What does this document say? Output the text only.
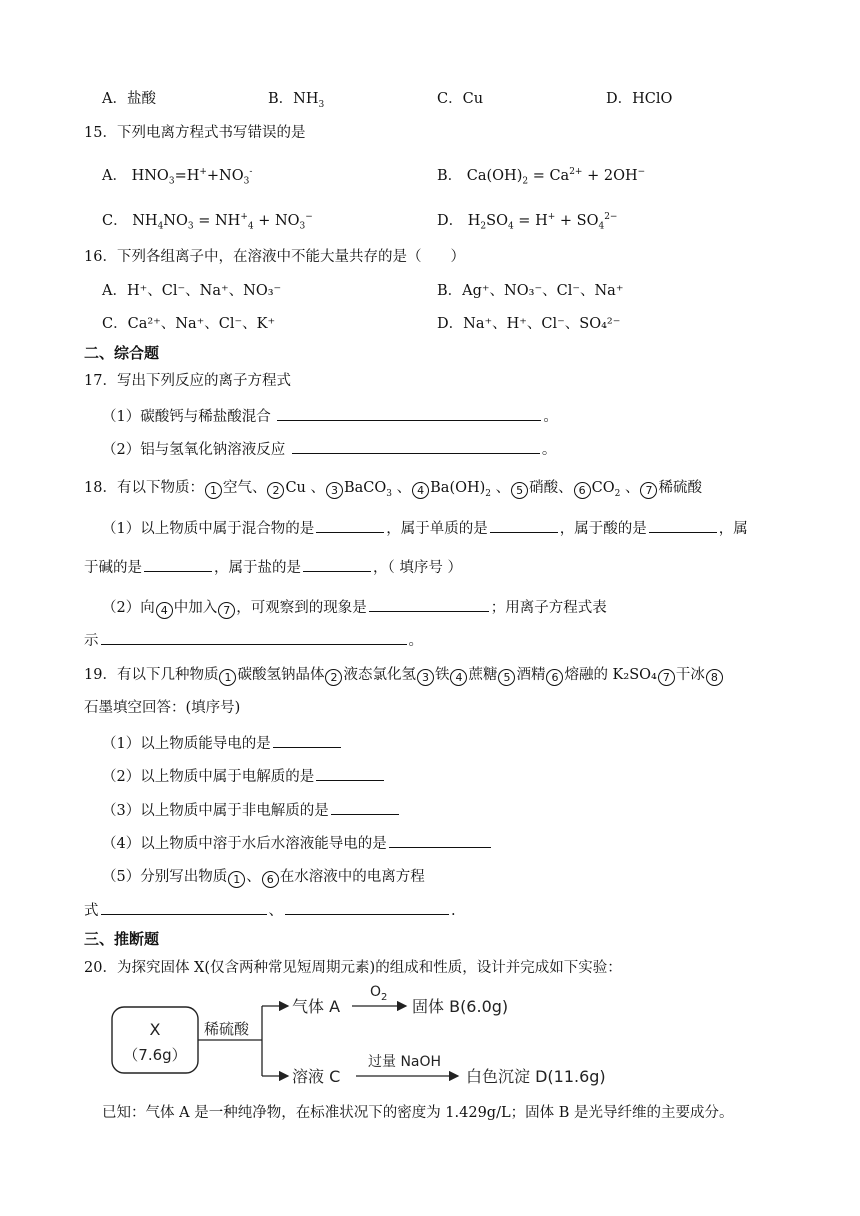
A．盐酸	B．$NH_3$	C．Cu	D．HClO
15．下列电离方程式书写错误的是
A． $HNO_3=H^++NO_3^-$	B． $Ca(OH)_2 = Ca^{2+} + 2OH^-$
C． $NH_4NO_3 = NH^+_4 + NO_3^-$	D． $H_2SO_4 = H^+ + SO_4^{2-}$
16．下列各组离子中，在溶液中不能大量共存的是（　　）
A．H⁺、Cl⁻、Na⁺、NO₃⁻	B．Ag⁺、NO₃⁻、Cl⁻、Na⁺
C．Ca²⁺、Na⁺、Cl⁻、K⁺	D．Na⁺、H⁺、Cl⁻、SO₄²⁻
二、综合题
17．写出下列反应的离子方程式
（1）碳酸钙与稀盐酸混合	。
（2）铝与氢氧化钠溶液反应	。
18．有以下物质： 1 空气、 2 Cu 、 3 BaCO$_3$ 、 4 $Ba(OH)_2$ 、 5 硝酸、 6 $CO_2$ 、 7 稀硫酸
（1）以上物质中属于混合物的是	，属于单质的是	，属于酸的是	，属
于碱的是	，属于盐的是	，（ 填序号 ）
（2）向 4 中加入 7 ，可观察到的现象是	；用离子方程式表
示	。
19．有以下几种物质 1 碳酸氢钠晶体 2 液态氯化氢 3 铁 4 蔗糖 5 酒精 6 熔融的 K₂SO₄ 7 干冰 8
石墨填空回答：(填序号)
（1）以上物质能导电的是
（2）以上物质中属于电解质的是
（3）以上物质中属于非电解质的是
（4）以上物质中溶于水后水溶液能导电的是
（5）分别写出物质 1 、 6 在水溶液中的电离方程
式	、	.
三、推断题
20．为探究固体 X(仅含两种常见短周期元素)的组成和性质，设计并完成如下实验：
X
（7.6g）
稀硫酸
气体 A
$O_2$ 固体 B(6.0g)
溶液 C
过量 NaOH
白色沉淀 D(11.6g)
已知：气体 A 是一种纯净物，在标准状况下的密度为 1.429g/L；固体 B 是光导纤维的主要成分。
